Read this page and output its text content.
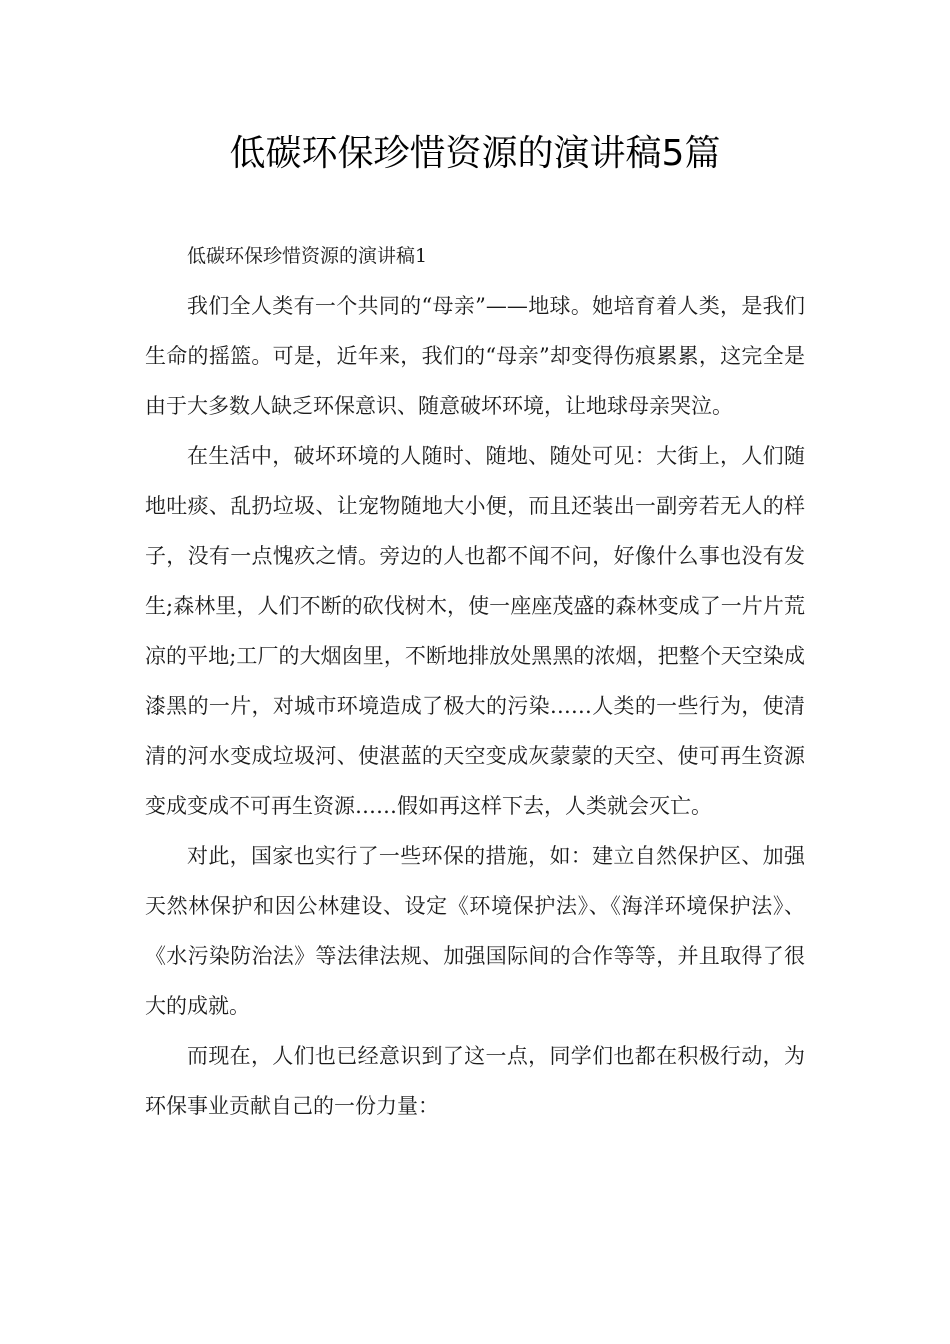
低碳环保珍惜资源的演讲稿5篇

低碳环保珍惜资源的演讲稿1

我们全人类有一个共同的“母亲”——地球。她培育着人类，是我们生命的摇篮。可是，近年来，我们的“母亲”却变得伤痕累累，这完全是由于大多数人缺乏环保意识、随意破坏环境，让地球母亲哭泣。

在生活中，破坏环境的人随时、随地、随处可见：大街上，人们随地吐痰、乱扔垃圾、让宠物随地大小便，而且还装出一副旁若无人的样子，没有一点愧疚之情。旁边的人也都不闻不问，好像什么事也没有发生;森林里，人们不断的砍伐树木，使一座座茂盛的森林变成了一片片荒凉的平地;工厂的大烟囱里，不断地排放处黑黑的浓烟，把整个天空染成漆黑的一片，对城市环境造成了极大的污染……人类的一些行为，使清清的河水变成垃圾河、使湛蓝的天空变成灰蒙蒙的天空、使可再生资源变成变成不可再生资源……假如再这样下去，人类就会灭亡。

对此，国家也实行了一些环保的措施，如：建立自然保护区、加强天然林保护和因公林建设、设定《环境保护法》、《海洋环境保护法》、《水污染防治法》等法律法规、加强国际间的合作等等，并且取得了很大的成就。

而现在，人们也已经意识到了这一点，同学们也都在积极行动，为环保事业贡献自己的一份力量：
